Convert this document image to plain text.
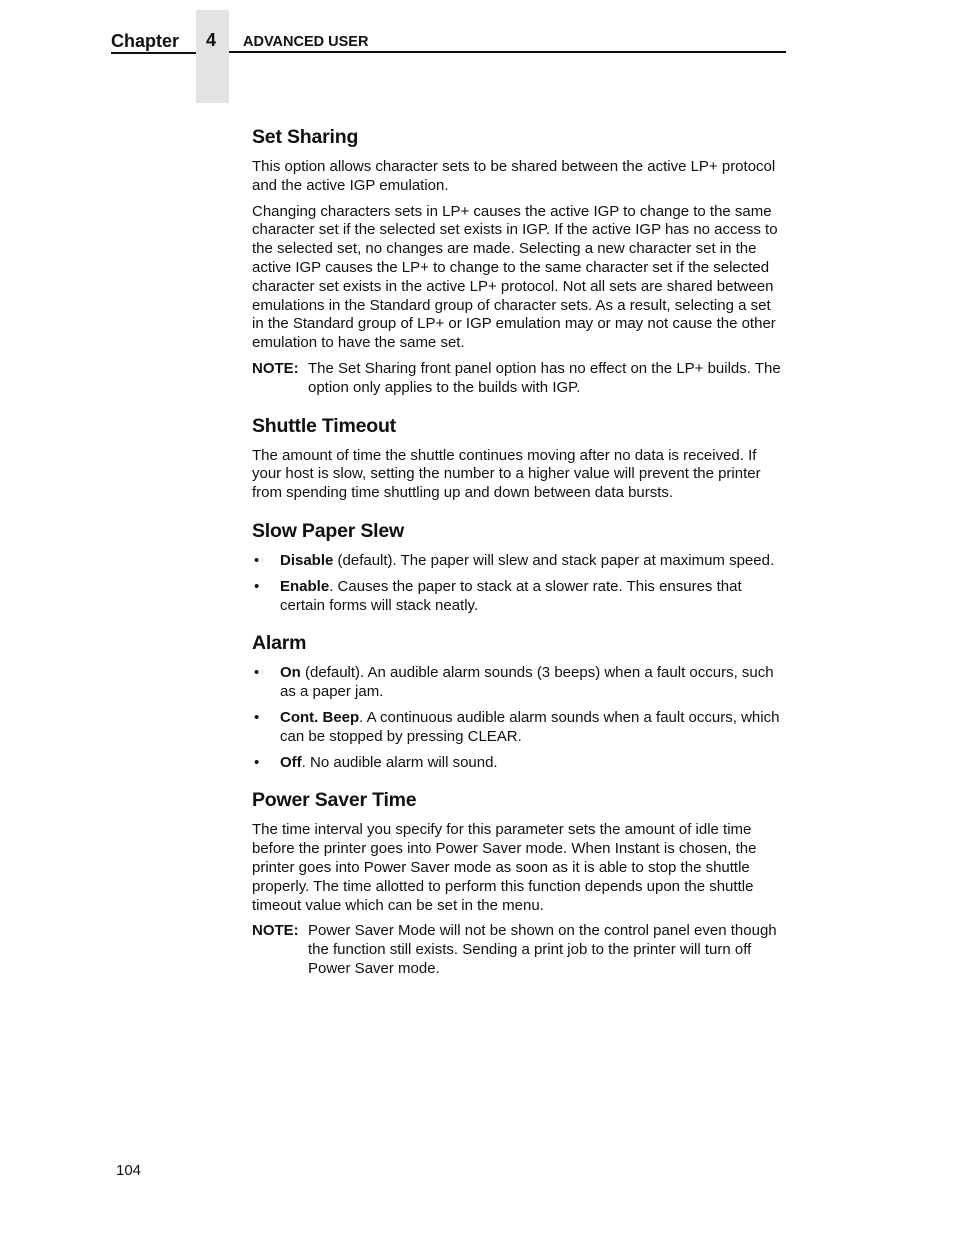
Chapter	4	ADVANCED USER
Set Sharing

This option allows character sets to be shared between the active LP+ protocol and the active IGP emulation.

Changing characters sets in LP+ causes the active IGP to change to the same character set if the selected set exists in IGP. If the active IGP has no access to the selected set, no changes are made. Selecting a new character set in the active IGP causes the LP+ to change to the same character set if the selected character set exists in the active LP+ protocol. Not all sets are shared between emulations in the Standard group of character sets. As a result, selecting a set in the Standard group of LP+ or IGP emulation may or may not cause the other emulation to have the same set.

NOTE: The Set Sharing front panel option has no effect on the LP+ builds. The option only applies to the builds with IGP.
Shuttle Timeout

The amount of time the shuttle continues moving after no data is received. If your host is slow, setting the number to a higher value will prevent the printer from spending time shuttling up and down between data bursts.

Slow Paper Slew
•	Disable (default). The paper will slew and stack paper at maximum speed.
•	Enable. Causes the paper to stack at a slower rate. This ensures that certain forms will stack neatly.
Alarm
•	On (default). An audible alarm sounds (3 beeps) when a fault occurs, such as a paper jam.
•	Cont. Beep. A continuous audible alarm sounds when a fault occurs, which can be stopped by pressing CLEAR.
•	Off. No audible alarm will sound.
Power Saver Time

The time interval you specify for this parameter sets the amount of idle time before the printer goes into Power Saver mode. When Instant is chosen, the printer goes into Power Saver mode as soon as it is able to stop the shuttle properly. The time allotted to perform this function depends upon the shuttle timeout value which can be set in the menu.

NOTE: Power Saver Mode will not be shown on the control panel even though the function still exists. Sending a print job to the printer will turn off Power Saver mode.
104
